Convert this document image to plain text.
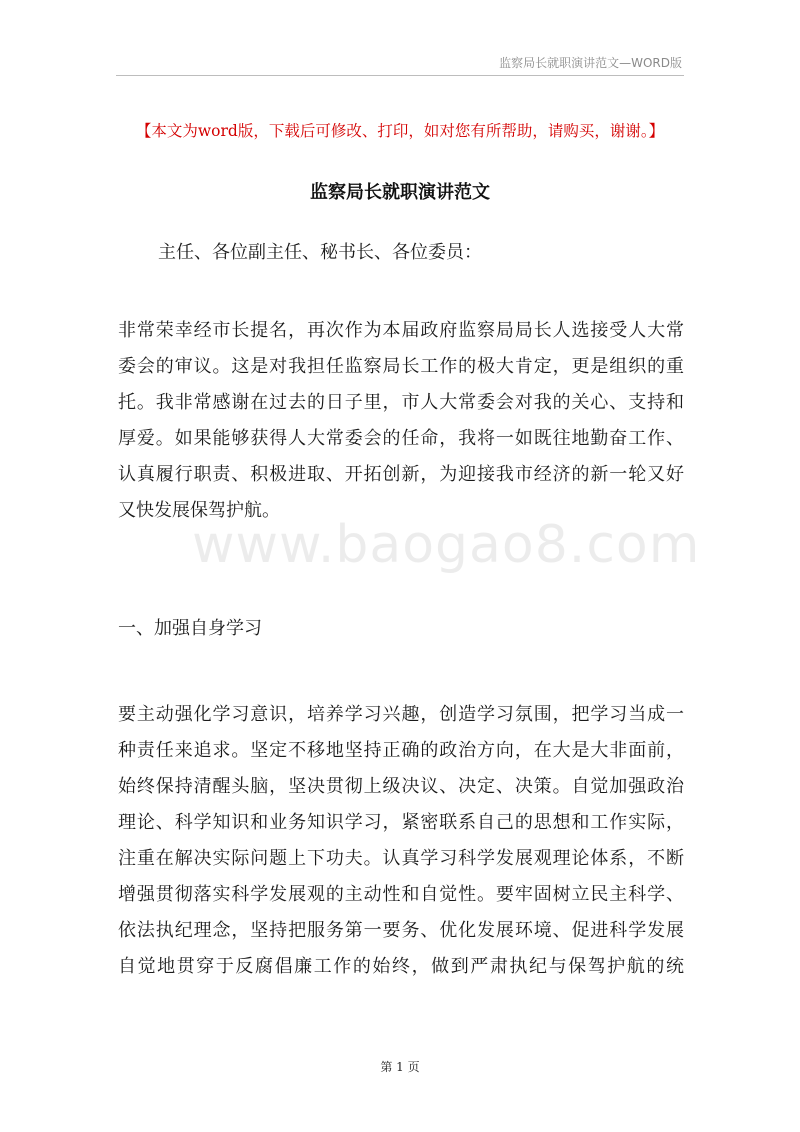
监察局长就职演讲范文—WORD版
【本文为word版，下载后可修改、打印，如对您有所帮助，请购买，谢谢。】
监察局长就职演讲范文
主任、各位副主任、秘书长、各位委员：
非常荣幸经市长提名，再次作为本届政府监察局局长人选接受人大常
委会的审议。这是对我担任监察局长工作的极大肯定，更是组织的重
托。我非常感谢在过去的日子里，市人大常委会对我的关心、支持和
厚爱。如果能够获得人大常委会的任命，我将一如既往地勤奋工作、
认真履行职责、积极进取、开拓创新，为迎接我市经济的新一轮又好
又快发展保驾护航。
www.baogao8.com
一、加强自身学习
要主动强化学习意识，培养学习兴趣，创造学习氛围，把学习当成一
种责任来追求。坚定不移地坚持正确的政治方向，在大是大非面前，
始终保持清醒头脑，坚决贯彻上级决议、决定、决策。自觉加强政治
理论、科学知识和业务知识学习，紧密联系自己的思想和工作实际，
注重在解决实际问题上下功夫。认真学习科学发展观理论体系，不断
增强贯彻落实科学发展观的主动性和自觉性。要牢固树立民主科学、
依法执纪理念，坚持把服务第一要务、优化发展环境、促进科学发展
自觉地贯穿于反腐倡廉工作的始终，做到严肃执纪与保驾护航的统
第 1 页
